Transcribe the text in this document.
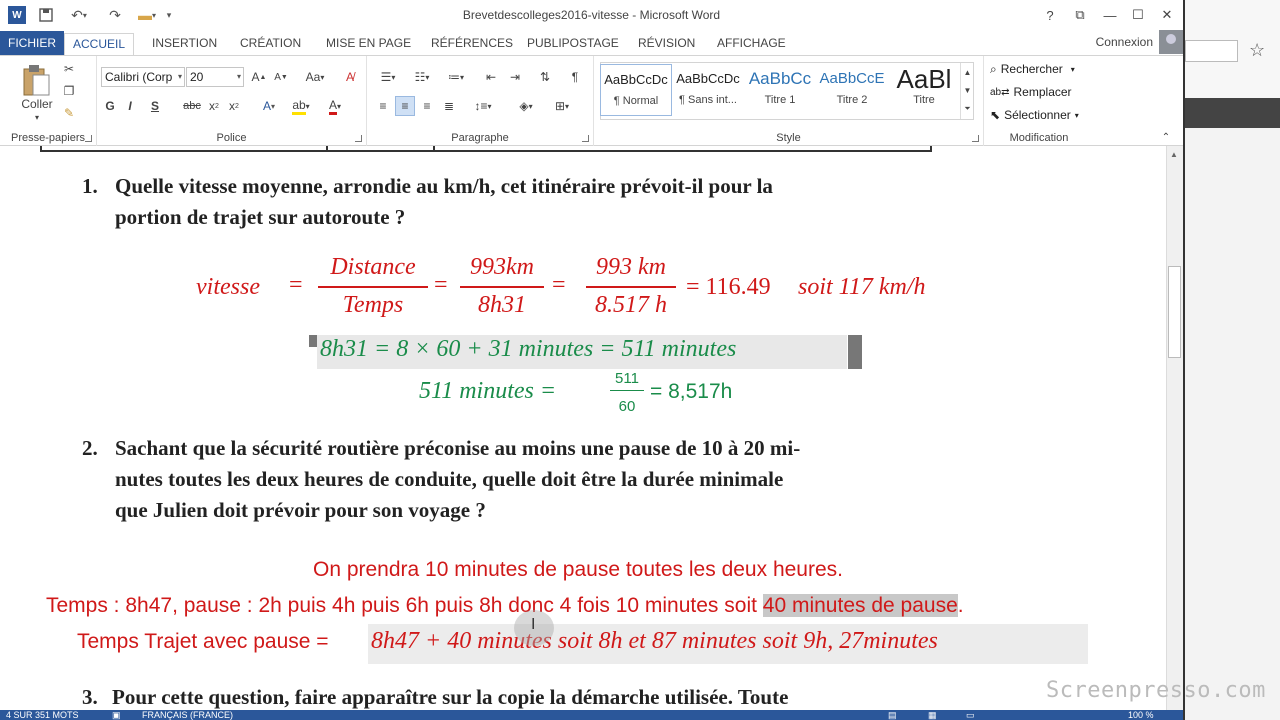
W	↶ ▾	↷	▬ ▾	▾	Brevetdescolleges2016-vitesse - Microsoft Word	?	⧉	—	☐	✕
FICHIER	ACCUEIL	INSERTION	CRÉATION	MISE EN PAGE	RÉFÉRENCES	PUBLIPOSTAGE	RÉVISION	AFFICHAGE	Connexion
Coller
▾
✂
❐
✎
Presse-papiers
Calibri (Corp ▾ 20	▾ A ▲ A ▼	Aa ▾	A̸
G	I	S	abc x 2 x 2	A ▾ ab ▾ A ▾
Police
☰ ▾	☷ ▾	≔ ▾	⇤	⇥	⇅	¶
≡	≡	≡	≣	↕≡ ▾	◈ ▾	⊞ ▾
Paragraphe
AaBbCcDc
¶ Normal
AaBbCcDc
¶ Sans int...
AaBbCc
Titre 1
AaBbCcE
Titre 2
AaBl
Titre
▲
▼
⏷
Style
⌕ Rechercher ▾
ab⇄ Remplacer
⬉ Sélectionner ▾
Modification	⌃
1. Quelle vitesse moyenne, arrondie au km/h, cet itinéraire prévoit-il pour la
portion de trajet sur autoroute ?
vitesse =
Distance
Temps
=
993km
8h31
=
993 km
8.517 h
= 116.49 soit 117 km/h
8h31 = 8 × 60 + 31 minutes = 511 minutes
511 minutes =	511
60
= 8,517h
2. Sachant que la sécurité routière préconise au moins une pause de 10 à 20 mi-
nutes toutes les deux heures de conduite, quelle doit être la durée minimale
que Julien doit prévoir pour son voyage ?
On prendra 10 minutes de pause toutes les deux heures.
Temps : 8h47, pause : 2h puis 4h puis 6h puis 8h donc 4 fois 10 minutes soit 40 minutes de pause.
Temps Trajet avec pause = 8h47 + 40 minutes soit 8h et 87 minutes soit 9h, 27minutes
I
3. Pour cette question, faire apparaître sur la copie la démarche utilisée. Toute
▲
☆
4 SUR 351 MOTS	▣ FRANÇAIS (FRANCE)	▤	▦	▭	100 %
Screenpresso.com
